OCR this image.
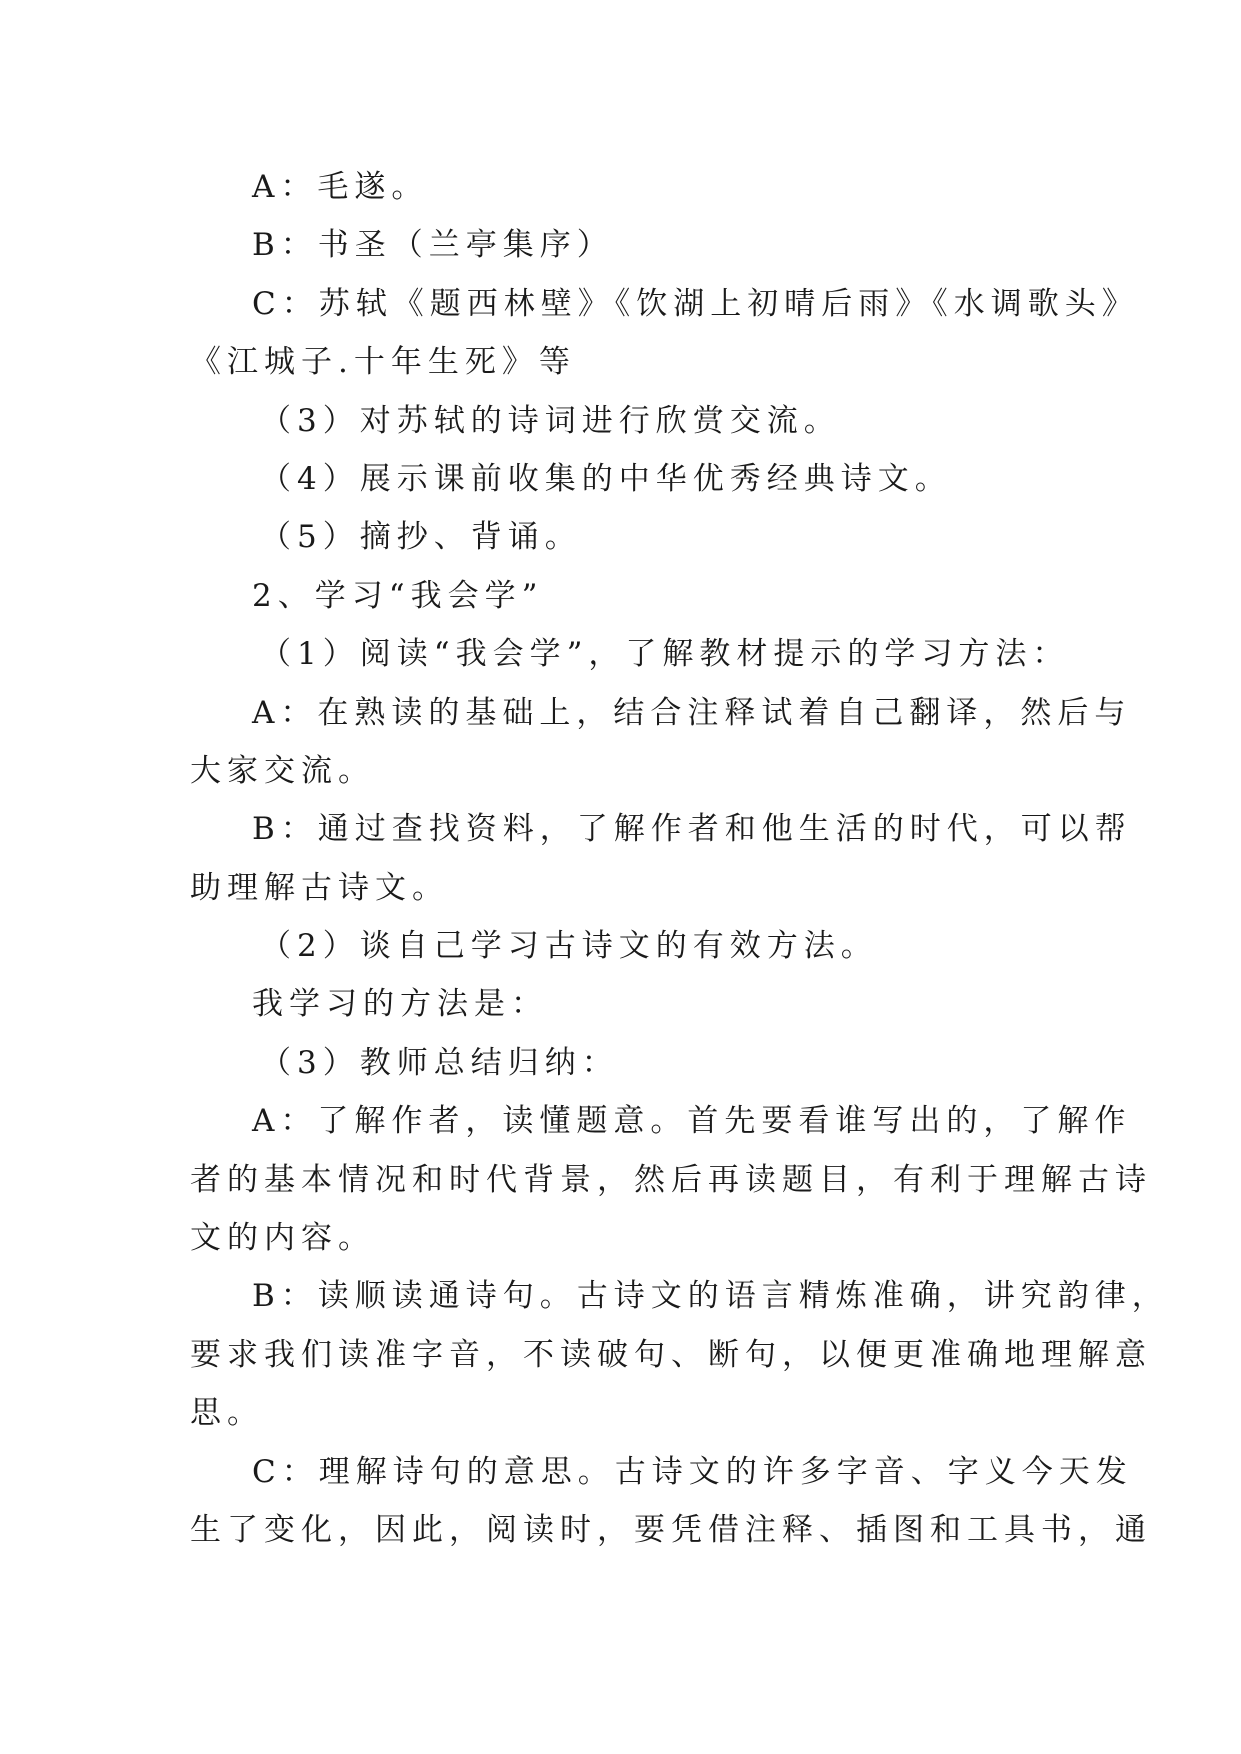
A：毛遂。
B：书圣（兰亭集序）
C：苏轼《题西林壁》《饮湖上初晴后雨》《水调歌头》
《江城子.十年生死》等
（3）对苏轼的诗词进行欣赏交流。
（4）展示课前收集的中华优秀经典诗文。
（5）摘抄、背诵。
2、学习“我会学”
（1）阅读“我会学”，了解教材提示的学习方法：
A：在熟读的基础上，结合注释试着自己翻译，然后与
大家交流。
B：通过查找资料，了解作者和他生活的时代，可以帮
助理解古诗文。
（2）谈自己学习古诗文的有效方法。
我学习的方法是：
（3）教师总结归纳：
A：了解作者，读懂题意。首先要看谁写出的，了解作
者的基本情况和时代背景，然后再读题目，有利于理解古诗
文的内容。
B：读顺读通诗句。古诗文的语言精炼准确，讲究韵律，
要求我们读准字音，不读破句、断句，以便更准确地理解意
思。
C：理解诗句的意思。古诗文的许多字音、字义今天发
生了变化，因此，阅读时，要凭借注释、插图和工具书，通
